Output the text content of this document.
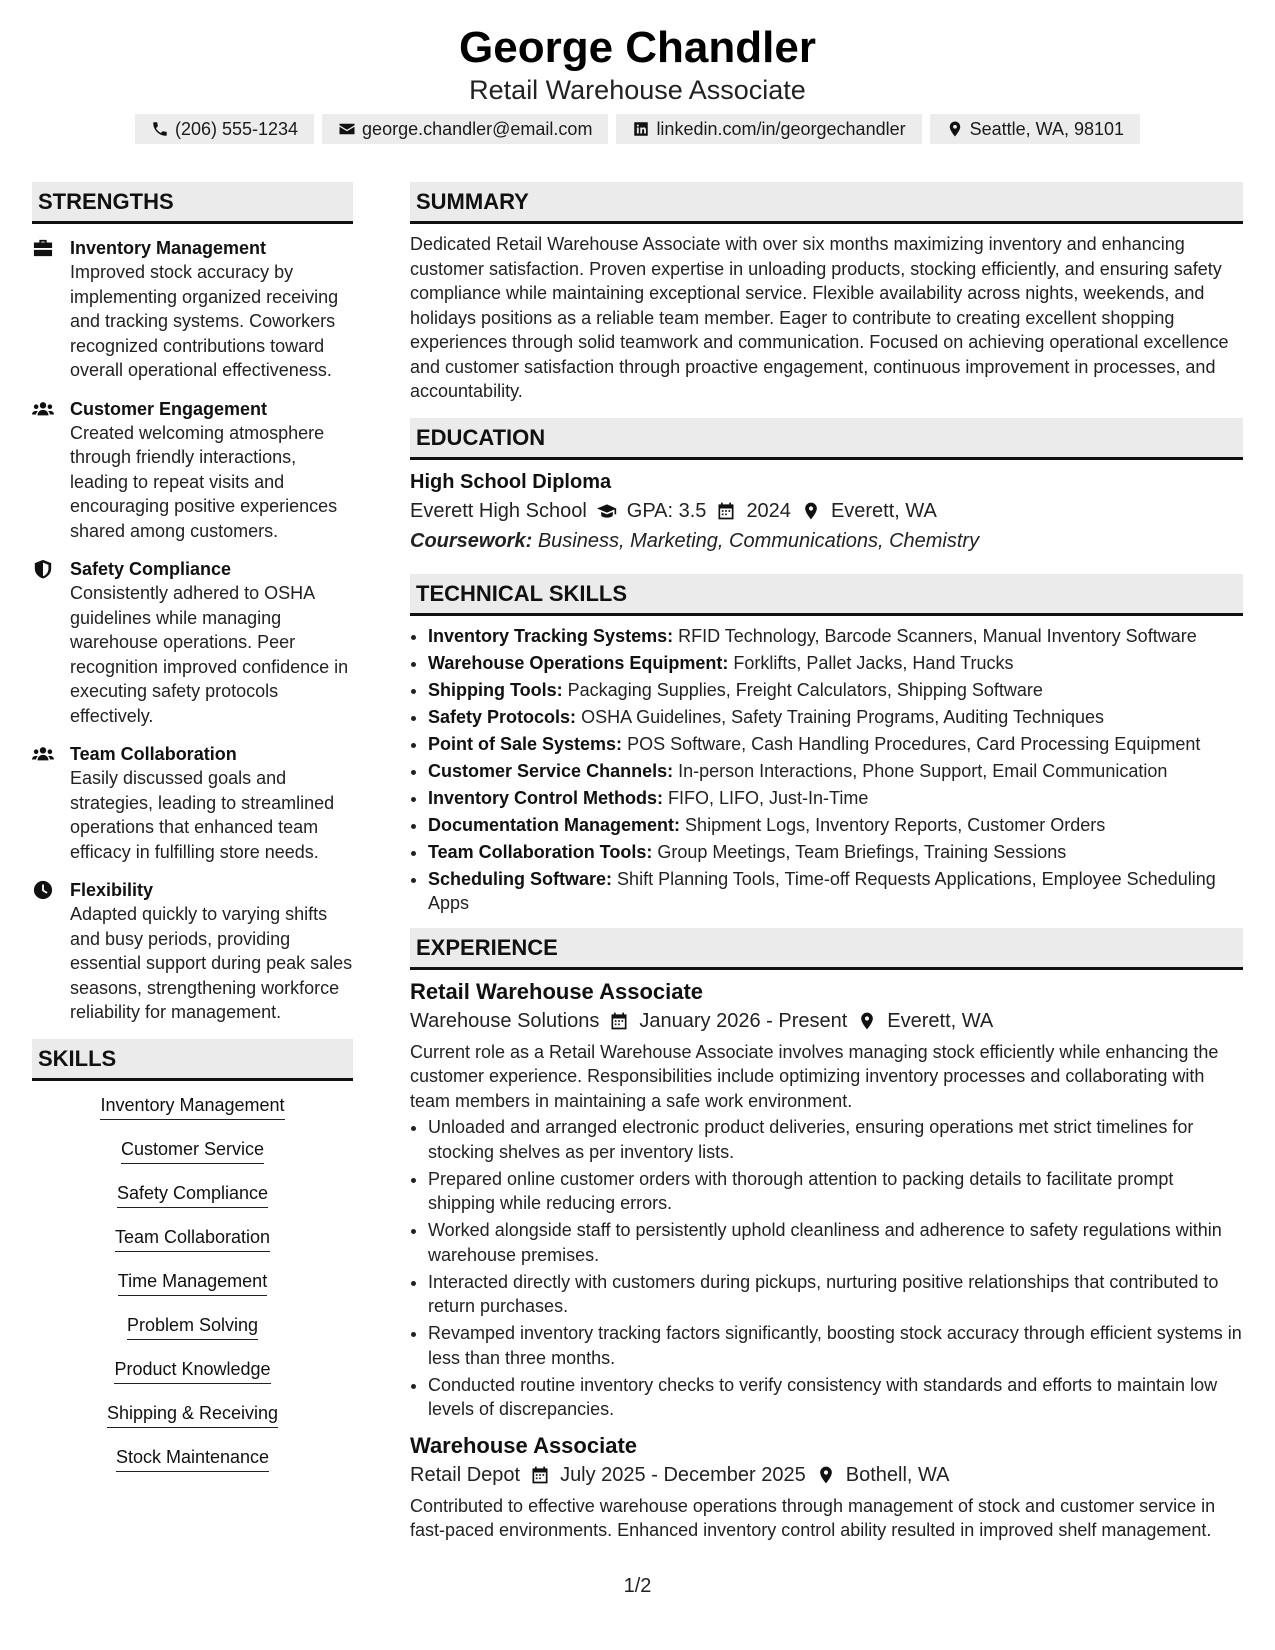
George Chandler
Retail Warehouse Associate
(206) 555-1234	george.chandler@email.com	linkedin.com/in/georgechandler	Seattle, WA, 98101
STRENGTHS
Inventory Management
Improved stock accuracy by implementing organized receiving and tracking systems. Coworkers recognized contributions toward overall operational effectiveness.
Customer Engagement
Created welcoming atmosphere through friendly interactions, leading to repeat visits and encouraging positive experiences shared among customers.
Safety Compliance
Consistently adhered to OSHA guidelines while managing warehouse operations. Peer recognition improved confidence in executing safety protocols effectively.
Team Collaboration
Easily discussed goals and strategies, leading to streamlined operations that enhanced team efficacy in fulfilling store needs.
Flexibility
Adapted quickly to varying shifts and busy periods, providing essential support during peak sales seasons, strengthening workforce reliability for management.
SKILLS
Inventory Management
Customer Service
Safety Compliance
Team Collaboration
Time Management
Problem Solving
Product Knowledge
Shipping & Receiving
Stock Maintenance
SUMMARY
Dedicated Retail Warehouse Associate with over six months maximizing inventory and enhancing customer satisfaction. Proven expertise in unloading products, stocking efficiently, and ensuring safety compliance while maintaining exceptional service. Flexible availability across nights, weekends, and holidays positions as a reliable team member. Eager to contribute to creating excellent shopping experiences through solid teamwork and communication. Focused on achieving operational excellence and customer satisfaction through proactive engagement, continuous improvement in processes, and accountability.
EDUCATION
High School Diploma
Everett High School GPA: 3.5 2024 Everett, WA
Coursework: Business, Marketing, Communications, Chemistry
TECHNICAL SKILLS
• Inventory Tracking Systems: RFID Technology, Barcode Scanners, Manual Inventory Software
• Warehouse Operations Equipment: Forklifts, Pallet Jacks, Hand Trucks
• Shipping Tools: Packaging Supplies, Freight Calculators, Shipping Software
• Safety Protocols: OSHA Guidelines, Safety Training Programs, Auditing Techniques
• Point of Sale Systems: POS Software, Cash Handling Procedures, Card Processing Equipment
• Customer Service Channels: In-person Interactions, Phone Support, Email Communication
• Inventory Control Methods: FIFO, LIFO, Just-In-Time
• Documentation Management: Shipment Logs, Inventory Reports, Customer Orders
• Team Collaboration Tools: Group Meetings, Team Briefings, Training Sessions
• Scheduling Software: Shift Planning Tools, Time-off Requests Applications, Employee Scheduling Apps
EXPERIENCE
Retail Warehouse Associate
Warehouse Solutions January 2026 - Present Everett, WA
Current role as a Retail Warehouse Associate involves managing stock efficiently while enhancing the customer experience. Responsibilities include optimizing inventory processes and collaborating with team members in maintaining a safe work environment.
• Unloaded and arranged electronic product deliveries, ensuring operations met strict timelines for stocking shelves as per inventory lists.
• Prepared online customer orders with thorough attention to packing details to facilitate prompt shipping while reducing errors.
• Worked alongside staff to persistently uphold cleanliness and adherence to safety regulations within warehouse premises.
• Interacted directly with customers during pickups, nurturing positive relationships that contributed to return purchases.
• Revamped inventory tracking factors significantly, boosting stock accuracy through efficient systems in less than three months.
• Conducted routine inventory checks to verify consistency with standards and efforts to maintain low levels of discrepancies.
Warehouse Associate
Retail Depot July 2025 - December 2025 Bothell, WA
Contributed to effective warehouse operations through management of stock and customer service in fast-paced environments. Enhanced inventory control ability resulted in improved shelf management.
1/2
